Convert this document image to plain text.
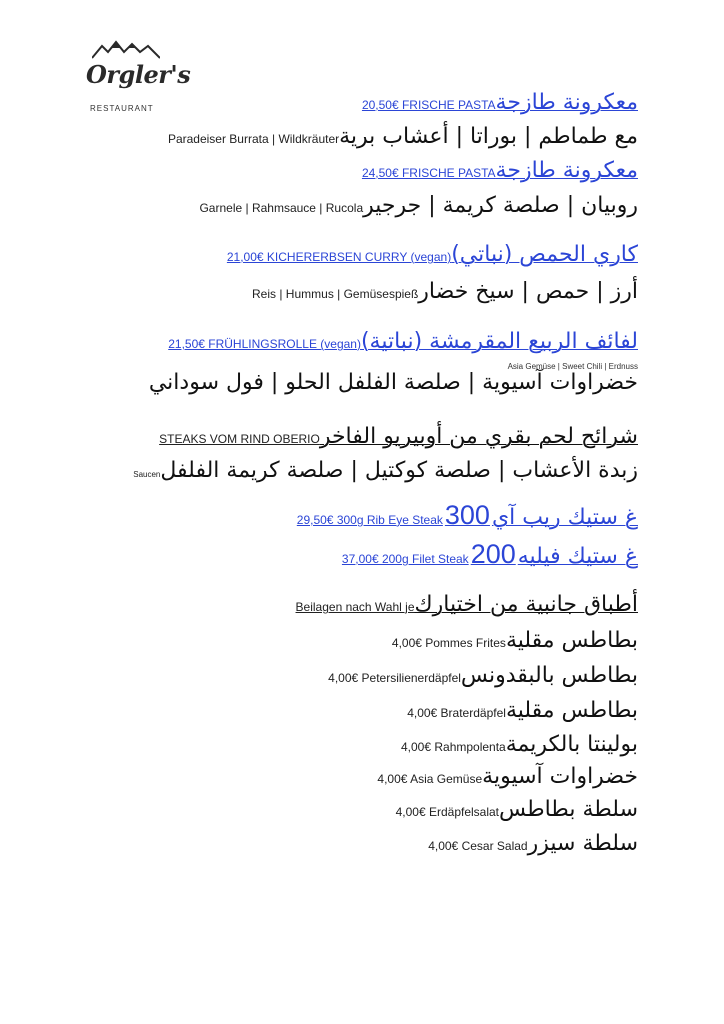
Orgler's
RESTAURANT	20,50€ FRISCHE PASTA معكرونة طازجة
Paradeiser Burrata | Wildkräuter مع طماطم | بوراتا | أعشاب برية
24,50€ FRISCHE PASTA معكرونة طازجة
Garnele | Rahmsauce | Rucola روبيان | صلصة كريمة | جرجير
21,00€ KICHERERBSEN CURRY (vegan) كاري الحمص (نباتي)
Reis | Hummus | Gemüsespieß أرز | حمص | سيخ خضار
21,50€ FRÜHLINGSROLLE (vegan) لفائف الربيع المقرمشة (نباتية)
Asia Gemüse | Sweet Chili | Erdnuss
خضراوات آسيوية | صلصة الفلفل الحلو | فول سوداني
STEAKS VOM RIND OBERIO شرائح لحم بقري من أوبيريو الفاخر
Saucen زبدة الأعشاب | صلصة كوكتيل | صلصة كريمة الفلفل
29,50€ 300g Rib Eye Steak 300 غ ستيك ريب آي
37,00€ 200g Filet Steak 200 غ ستيك فيليه
Beilagen nach Wahl je أطباق جانبية من اختيارك
4,00€ Pommes Frites بطاطس مقلية
4,00€ Petersilienerdäpfel بطاطس بالبقدونس
4,00€ Braterdäpfel بطاطس مقلية
4,00€ Rahmpolenta بولينتا بالكريمة
4,00€ Asia Gemüse خضراوات آسيوية
4,00€ Erdäpfelsalat سلطة بطاطس
4,00€ Cesar Salad سلطة سيزر
